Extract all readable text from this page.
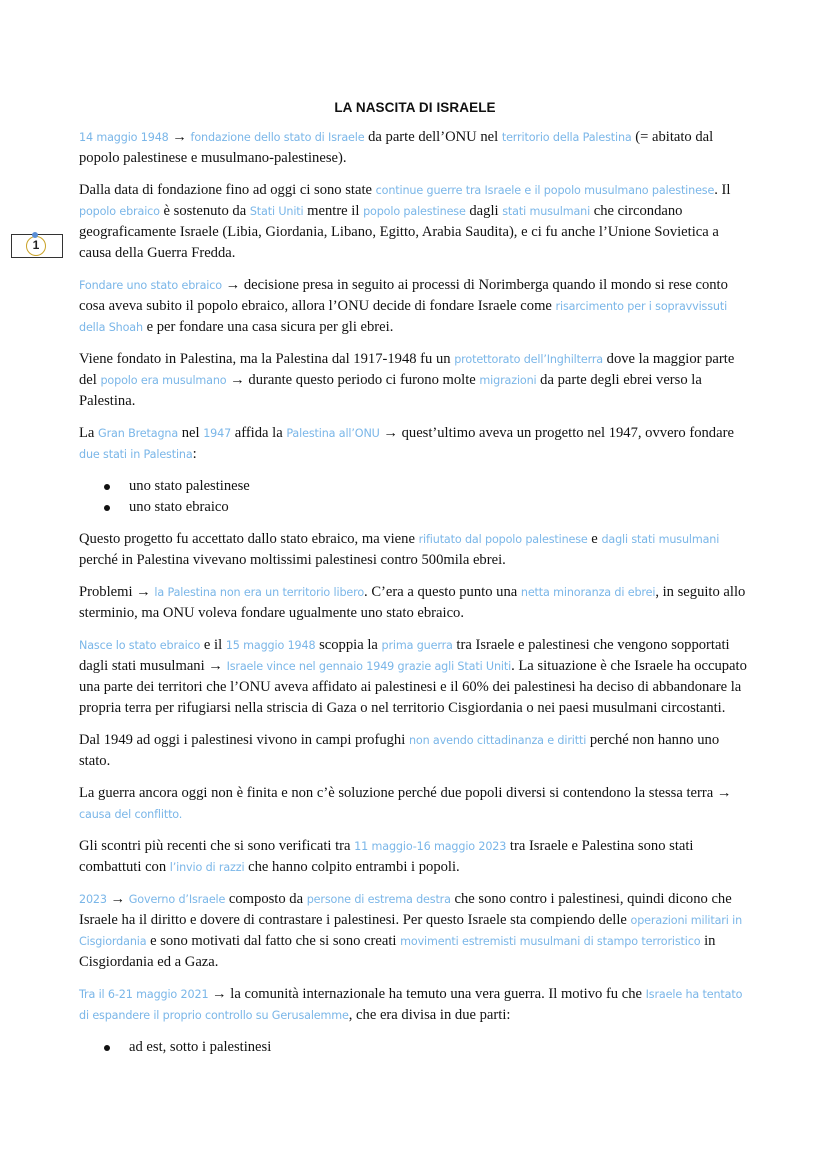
1
LA NASCITA DI ISRAELE

14 maggio 1948 → fondazione dello stato di Israele da parte dell’ONU nel territorio della Palestina (= abitato dal popolo palestinese e musulmano-palestinese).

Dalla data di fondazione fino ad oggi ci sono state continue guerre tra Israele e il popolo musulmano palestinese. Il popolo ebraico è sostenuto da Stati Uniti mentre il popolo palestinese dagli stati musulmani che circondano geograficamente Israele (Libia, Giordania, Libano, Egitto, Arabia Saudita), e ci fu anche l’Unione Sovietica a causa della Guerra Fredda.

Fondare uno stato ebraico → decisione presa in seguito ai processi di Norimberga quando il mondo si rese conto cosa aveva subito il popolo ebraico, allora l’ONU decide di fondare Israele come risarcimento per i sopravvissuti della Shoah e per fondare una casa sicura per gli ebrei.

Viene fondato in Palestina, ma la Palestina dal 1917-1948 fu un protettorato dell’Inghilterra dove la maggior parte del popolo era musulmano → durante questo periodo ci furono molte migrazioni da parte degli ebrei verso la Palestina.

La Gran Bretagna nel 1947 affida la Palestina all’ONU → quest’ultimo aveva un progetto nel 1947, ovvero fondare due stati in Palestina:

uno stato palestinese
uno stato ebraico

Questo progetto fu accettato dallo stato ebraico, ma viene rifiutato dal popolo palestinese e dagli stati musulmani perché in Palestina vivevano moltissimi palestinesi contro 500mila ebrei.

Problemi → la Palestina non era un territorio libero. C’era a questo punto una netta minoranza di ebrei, in seguito allo sterminio, ma ONU voleva fondare ugualmente uno stato ebraico.

Nasce lo stato ebraico e il 15 maggio 1948 scoppia la prima guerra tra Israele e palestinesi che vengono sopportati dagli stati musulmani → Israele vince nel gennaio 1949 grazie agli Stati Uniti. La situazione è che Israele ha occupato una parte dei territori che l’ONU aveva affidato ai palestinesi e il 60% dei palestinesi ha deciso di abbandonare la propria terra per rifugiarsi nella striscia di Gaza o nel territorio Cisgiordania o nei paesi musulmani circostanti.

Dal 1949 ad oggi i palestinesi vivono in campi profughi non avendo cittadinanza e diritti perché non hanno uno stato.

La guerra ancora oggi non è finita e non c’è soluzione perché due popoli diversi si contendono la stessa terra → causa del conflitto.

Gli scontri più recenti che si sono verificati tra 11 maggio-16 maggio 2023 tra Israele e Palestina sono stati combattuti con l’invio di razzi che hanno colpito entrambi i popoli.

2023 → Governo d’Israele composto da persone di estrema destra che sono contro i palestinesi, quindi dicono che Israele ha il diritto e dovere di contrastare i palestinesi. Per questo Israele sta compiendo delle operazioni militari in Cisgiordania e sono motivati dal fatto che si sono creati movimenti estremisti musulmani di stampo terroristico in Cisgiordania ed a Gaza.

Tra il 6-21 maggio 2021 → la comunità internazionale ha temuto una vera guerra. Il motivo fu che Israele ha tentato di espandere il proprio controllo su Gerusalemme, che era divisa in due parti:

ad est, sotto i palestinesi
